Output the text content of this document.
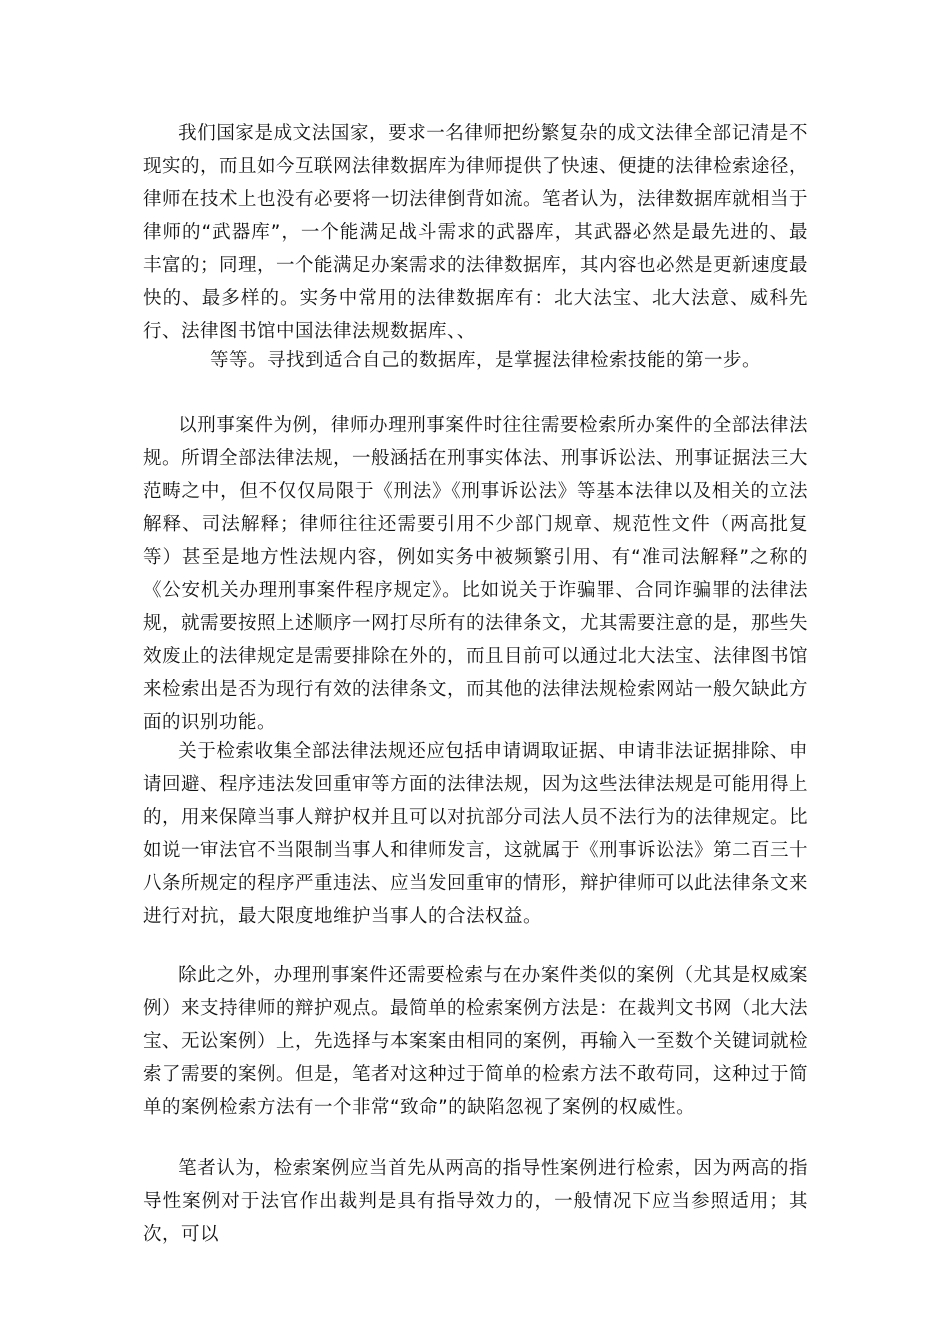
我们国家是成文法国家，要求一名律师把纷繁复杂的成文法律全部记清是不现实的，而且如今互联网法律数据库为律师提供了快速、便捷的法律检索途径，律师在技术上也没有必要将一切法律倒背如流。笔者认为，法律数据库就相当于律师的“武器库”，一个能满足战斗需求的武器库，其武器必然是最先进的、最丰富的；同理，一个能满足办案需求的法律数据库，其内容也必然是更新速度最快的、最多样的。实务中常用的法律数据库有：北大法宝、北大法意、威科先行、法律图书馆中国法律法规数据库、、

等等。寻找到适合自己的数据库，是掌握法律检索技能的第一步。

以刑事案件为例，律师办理刑事案件时往往需要检索所办案件的全部法律法规。所谓全部法律法规，一般涵括在刑事实体法、刑事诉讼法、刑事证据法三大范畴之中，但不仅仅局限于《刑法》《刑事诉讼法》等基本法律以及相关的立法解释、司法解释；律师往往还需要引用不少部门规章、规范性文件（两高批复等）甚至是地方性法规内容，例如实务中被频繁引用、有“准司法解释”之称的《公安机关办理刑事案件程序规定》。比如说关于诈骗罪、合同诈骗罪的法律法规，就需要按照上述顺序一网打尽所有的法律条文，尤其需要注意的是，那些失效废止的法律规定是需要排除在外的，而且目前可以通过北大法宝、法律图书馆来检索出是否为现行有效的法律条文，而其他的法律法规检索网站一般欠缺此方面的识别功能。

关于检索收集全部法律法规还应包括申请调取证据、申请非法证据排除、申请回避、程序违法发回重审等方面的法律法规，因为这些法律法规是可能用得上的，用来保障当事人辩护权并且可以对抗部分司法人员不法行为的法律规定。比如说一审法官不当限制当事人和律师发言，这就属于《刑事诉讼法》第二百三十八条所规定的程序严重违法、应当发回重审的情形，辩护律师可以此法律条文来进行对抗，最大限度地维护当事人的合法权益。

除此之外，办理刑事案件还需要检索与在办案件类似的案例（尤其是权威案例）来支持律师的辩护观点。最简单的检索案例方法是：在裁判文书网（北大法宝、无讼案例）上，先选择与本案案由相同的案例，再输入一至数个关键词就检索了需要的案例。但是，笔者对这种过于简单的检索方法不敢苟同，这种过于简单的案例检索方法有一个非常“致命”的缺陷忽视了案例的权威性。

笔者认为，检索案例应当首先从两高的指导性案例进行检索，因为两高的指导性案例对于法官作出裁判是具有指导效力的，一般情况下应当参照适用；其次，可以
